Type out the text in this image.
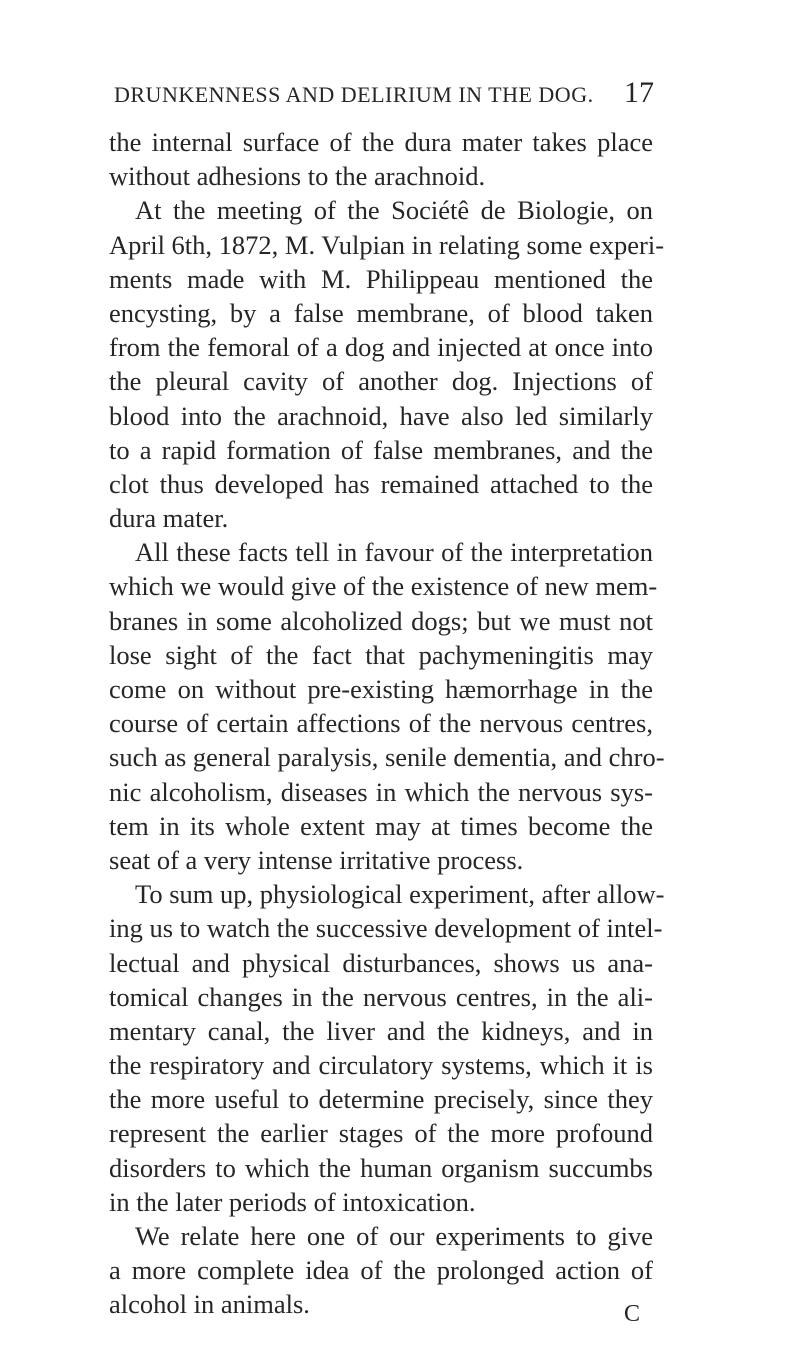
DRUNKENNESS AND DELIRIUM IN THE DOG. 17
the internal surface of the dura mater takes place
without adhesions to the arachnoid.
At the meeting of the Sociétê de Biologie, on
April 6th, 1872, M. Vulpian in relating some experi-
ments made with M. Philippeau mentioned the
encysting, by a false membrane, of blood taken
from the femoral of a dog and injected at once into
the pleural cavity of another dog. Injections of
blood into the arachnoid, have also led similarly
to a rapid formation of false membranes, and the
clot thus developed has remained attached to the
dura mater.
All these facts tell in favour of the interpretation
which we would give of the existence of new mem-
branes in some alcoholized dogs; but we must not
lose sight of the fact that pachymeningitis may
come on without pre-existing hæmorrhage in the
course of certain affections of the nervous centres,
such as general paralysis, senile dementia, and chro-
nic alcoholism, diseases in which the nervous sys-
tem in its whole extent may at times become the
seat of a very intense irritative process.
To sum up, physiological experiment, after allow-
ing us to watch the successive development of intel-
lectual and physical disturbances, shows us ana-
tomical changes in the nervous centres, in the ali-
mentary canal, the liver and the kidneys, and in
the respiratory and circulatory systems, which it is
the more useful to determine precisely, since they
represent the earlier stages of the more profound
disorders to which the human organism succumbs
in the later periods of intoxication.
We relate here one of our experiments to give
a more complete idea of the prolonged action of
alcohol in animals.	C
